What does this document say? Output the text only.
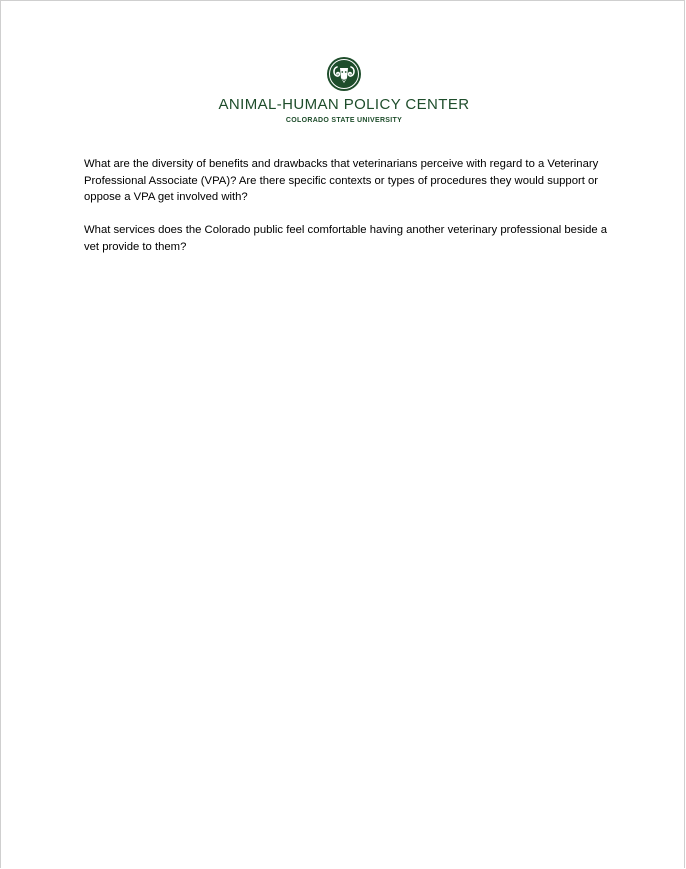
ANIMAL-HUMAN POLICY CENTER
COLORADO STATE UNIVERSITY

What are the diversity of benefits and drawbacks that veterinarians perceive with regard to a Veterinary Professional Associate (VPA)? Are there specific contexts or types of procedures they would support or oppose a VPA get involved with?

What services does the Colorado public feel comfortable having another veterinary professional beside a vet provide to them?
